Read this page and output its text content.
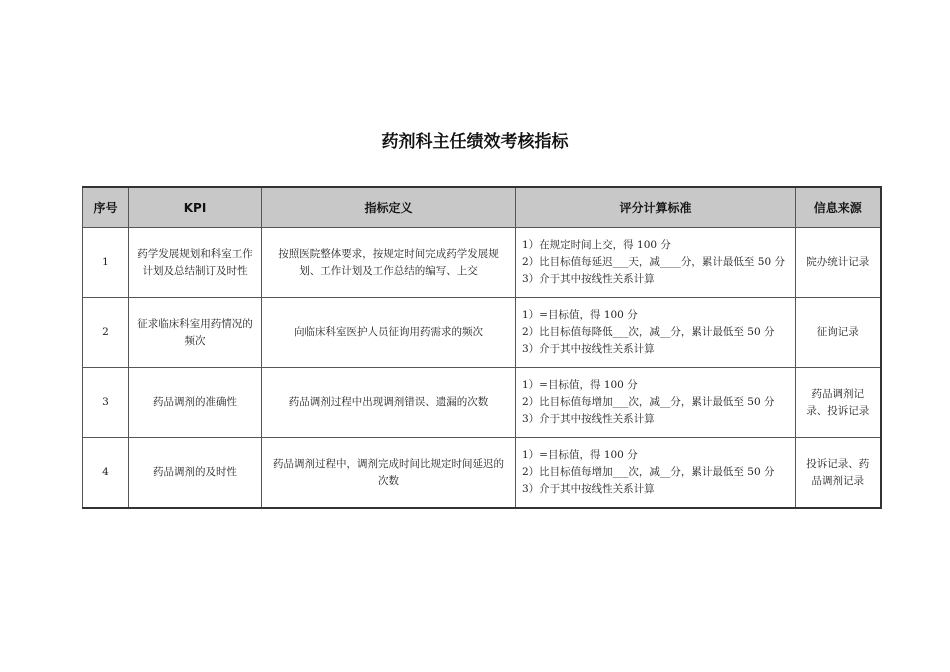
药剂科主任绩效考核指标
序号	KPI	指标定义	评分计算标准	信息来源
1	药学发展规划和科室工作计划及总结制订及时性	按照医院整体要求，按规定时间完成药学发展规划、工作计划及工作总结的编写、上交	1）在规定时间上交，得 100 分
2）比目标值每延迟___天，减____分，累计最低至 50 分
3）介于其中按线性关系计算	院办统计记录
2	征求临床科室用药情况的频次	向临床科室医护人员征询用药需求的频次	1）=目标值，得 100 分
2）比目标值每降低___次，减__分，累计最低至 50 分
3）介于其中按线性关系计算	征询记录
3	药品调剂的准确性	药品调剂过程中出现调剂错误、遗漏的次数	1）=目标值，得 100 分
2）比目标值每增加___次，减__分，累计最低至 50 分
3）介于其中按线性关系计算	药品调剂记录、投诉记录
4	药品调剂的及时性	药品调剂过程中，调剂完成时间比规定时间延迟的次数	1）=目标值，得 100 分
2）比目标值每增加___次，减__分，累计最低至 50 分
3）介于其中按线性关系计算	投诉记录、药品调剂记录
